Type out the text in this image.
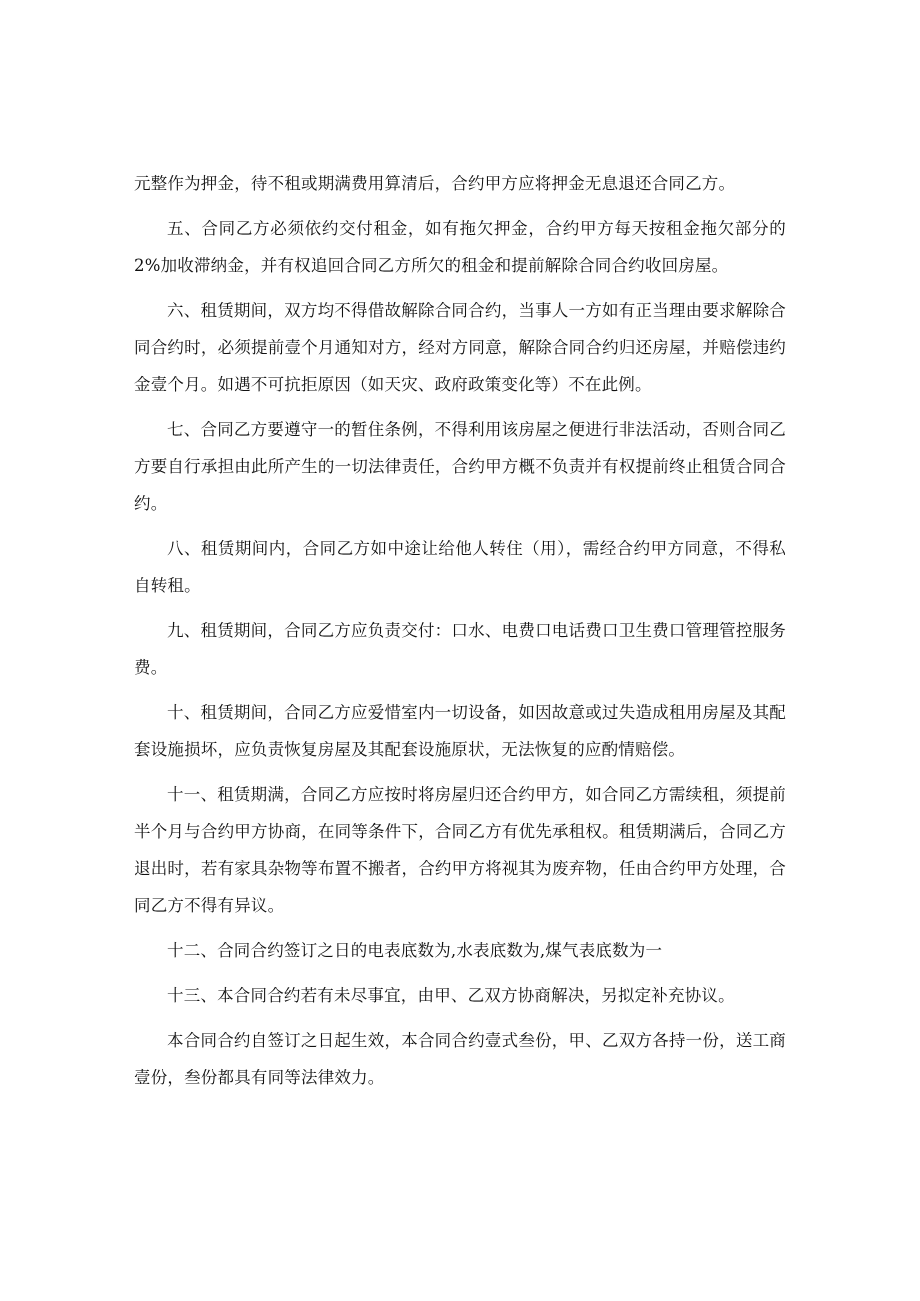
元整作为押金，待不租或期满费用算清后，合约甲方应将押金无息退还合同乙方。

五、合同乙方必须依约交付租金，如有拖欠押金，合约甲方每天按租金拖欠部分的 2%加收滞纳金，并有权追回合同乙方所欠的租金和提前解除合同合约收回房屋。

六、租赁期间，双方均不得借故解除合同合约，当事人一方如有正当理由要求解除合同合约时，必须提前壹个月通知对方，经对方同意，解除合同合约归还房屋，并赔偿违约金壹个月。如遇不可抗拒原因（如天灾、政府政策变化等）不在此例。

七、合同乙方要遵守一的暂住条例，不得利用该房屋之便进行非法活动，否则合同乙方要自行承担由此所产生的一切法律责任，合约甲方概不负责并有权提前终止租赁合同合约。

八、租赁期间内，合同乙方如中途让给他人转住（用），需经合约甲方同意，不得私自转租。

九、租赁期间，合同乙方应负责交付：口水、电费口电话费口卫生费口管理管控服务费。

十、租赁期间，合同乙方应爱惜室内一切设备，如因故意或过失造成租用房屋及其配套设施损坏，应负责恢复房屋及其配套设施原状，无法恢复的应酌情赔偿。

十一、租赁期满，合同乙方应按时将房屋归还合约甲方，如合同乙方需续租，须提前半个月与合约甲方协商，在同等条件下，合同乙方有优先承租权。租赁期满后，合同乙方退出时，若有家具杂物等布置不搬者，合约甲方将视其为废弃物，任由合约甲方处理，合同乙方不得有异议。

十二、合同合约签订之日的电表底数为,水表底数为,煤气表底数为一

十三、本合同合约若有未尽事宜，由甲、乙双方协商解决，另拟定补充协议。

本合同合约自签订之日起生效，本合同合约壹式叁份，甲、乙双方各持一份，送工商壹份，叁份都具有同等法律效力。
